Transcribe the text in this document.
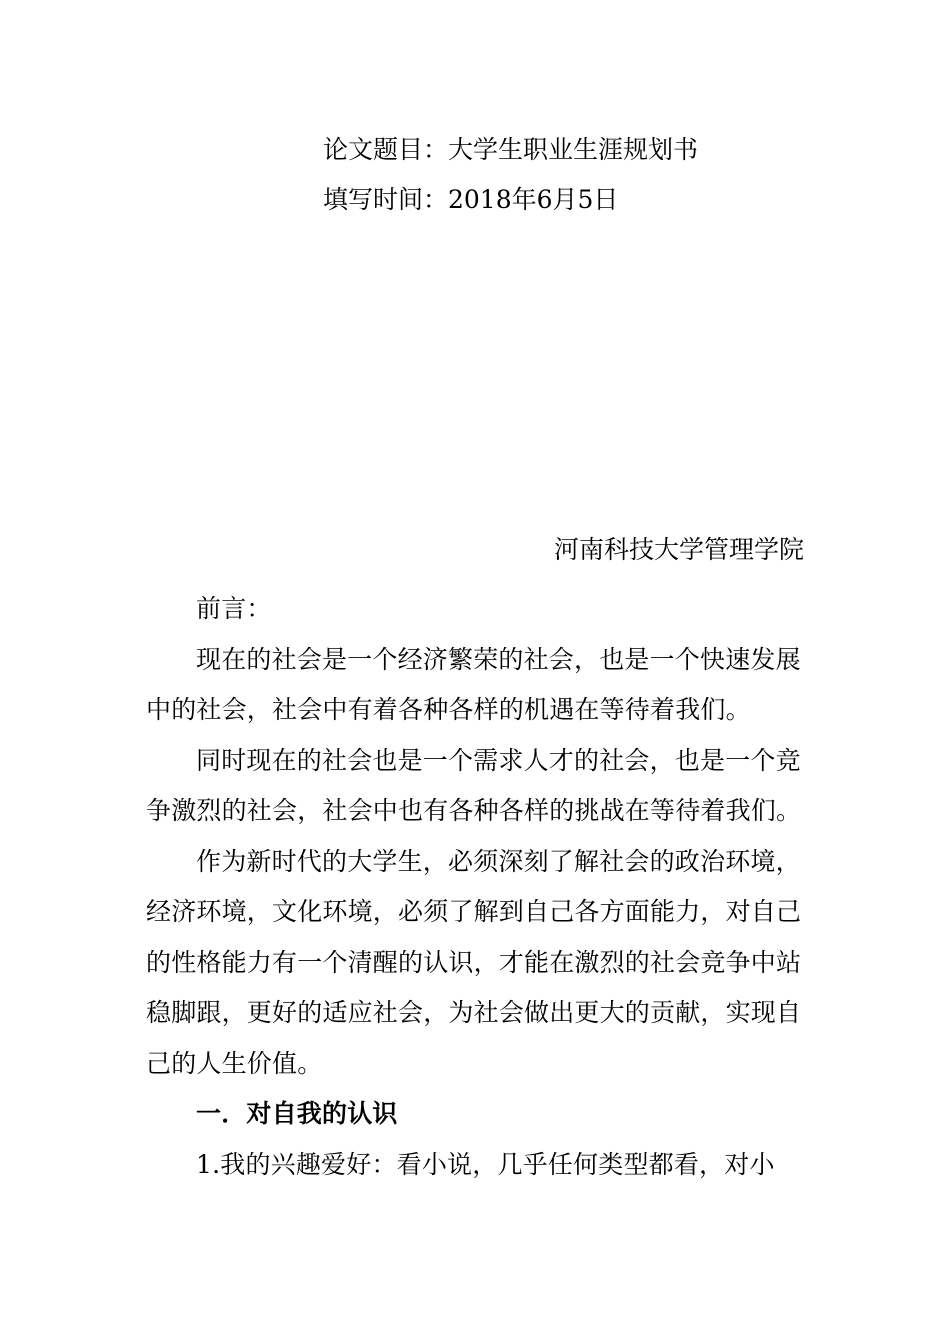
论文题目：大学生职业生涯规划书
填写时间：2018年6月5日
河南科技大学管理学院

前言：

现在的社会是一个经济繁荣的社会，也是一个快速发展中的社会，社会中有着各种各样的机遇在等待着我们。

同时现在的社会也是一个需求人才的社会，也是一个竞争激烈的社会，社会中也有各种各样的挑战在等待着我们。

作为新时代的大学生，必须深刻了解社会的政治环境，经济环境，文化环境，必须了解到自己各方面能力，对自己的性格能力有一个清醒的认识，才能在激烈的社会竞争中站稳脚跟，更好的适应社会，为社会做出更大的贡献，实现自己的人生价值。

一．对自我的认识

1.我的兴趣爱好：看小说，几乎任何类型都看，对小
